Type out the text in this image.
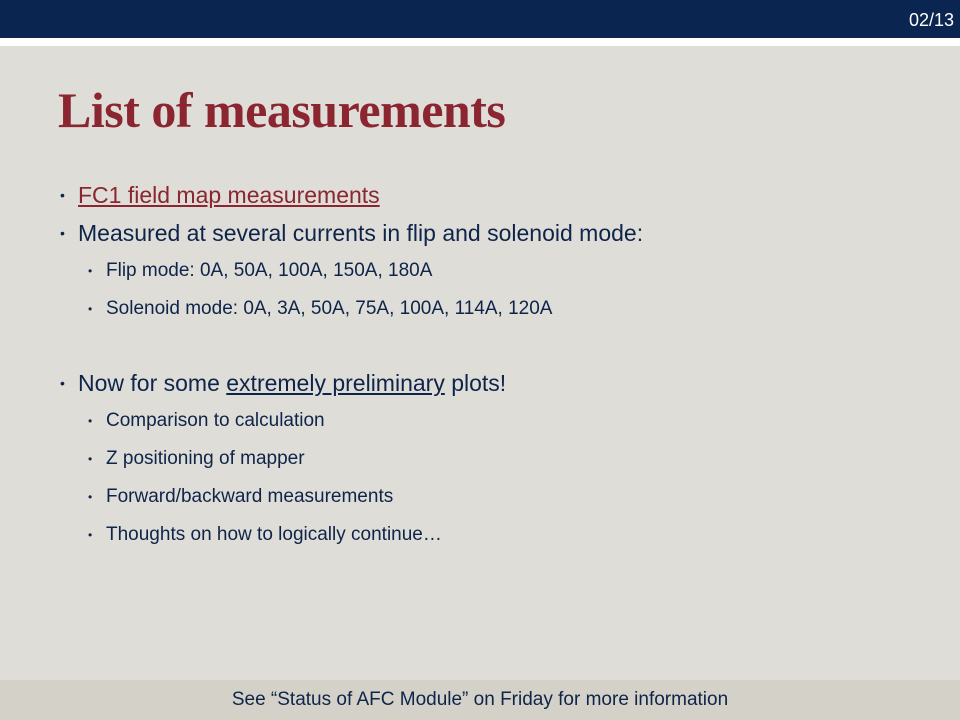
02/13
List of measurements
• FC1 field map measurements
• Measured at several currents in flip and solenoid mode:
• Flip mode: 0A, 50A, 100A, 150A, 180A
• Solenoid mode: 0A, 3A, 50A, 75A, 100A, 114A, 120A
• Now for some extremely preliminary plots!
• Comparison to calculation
• Z positioning of mapper
• Forward/backward measurements
• Thoughts on how to logically continue…
See “Status of AFC Module” on Friday for more information
